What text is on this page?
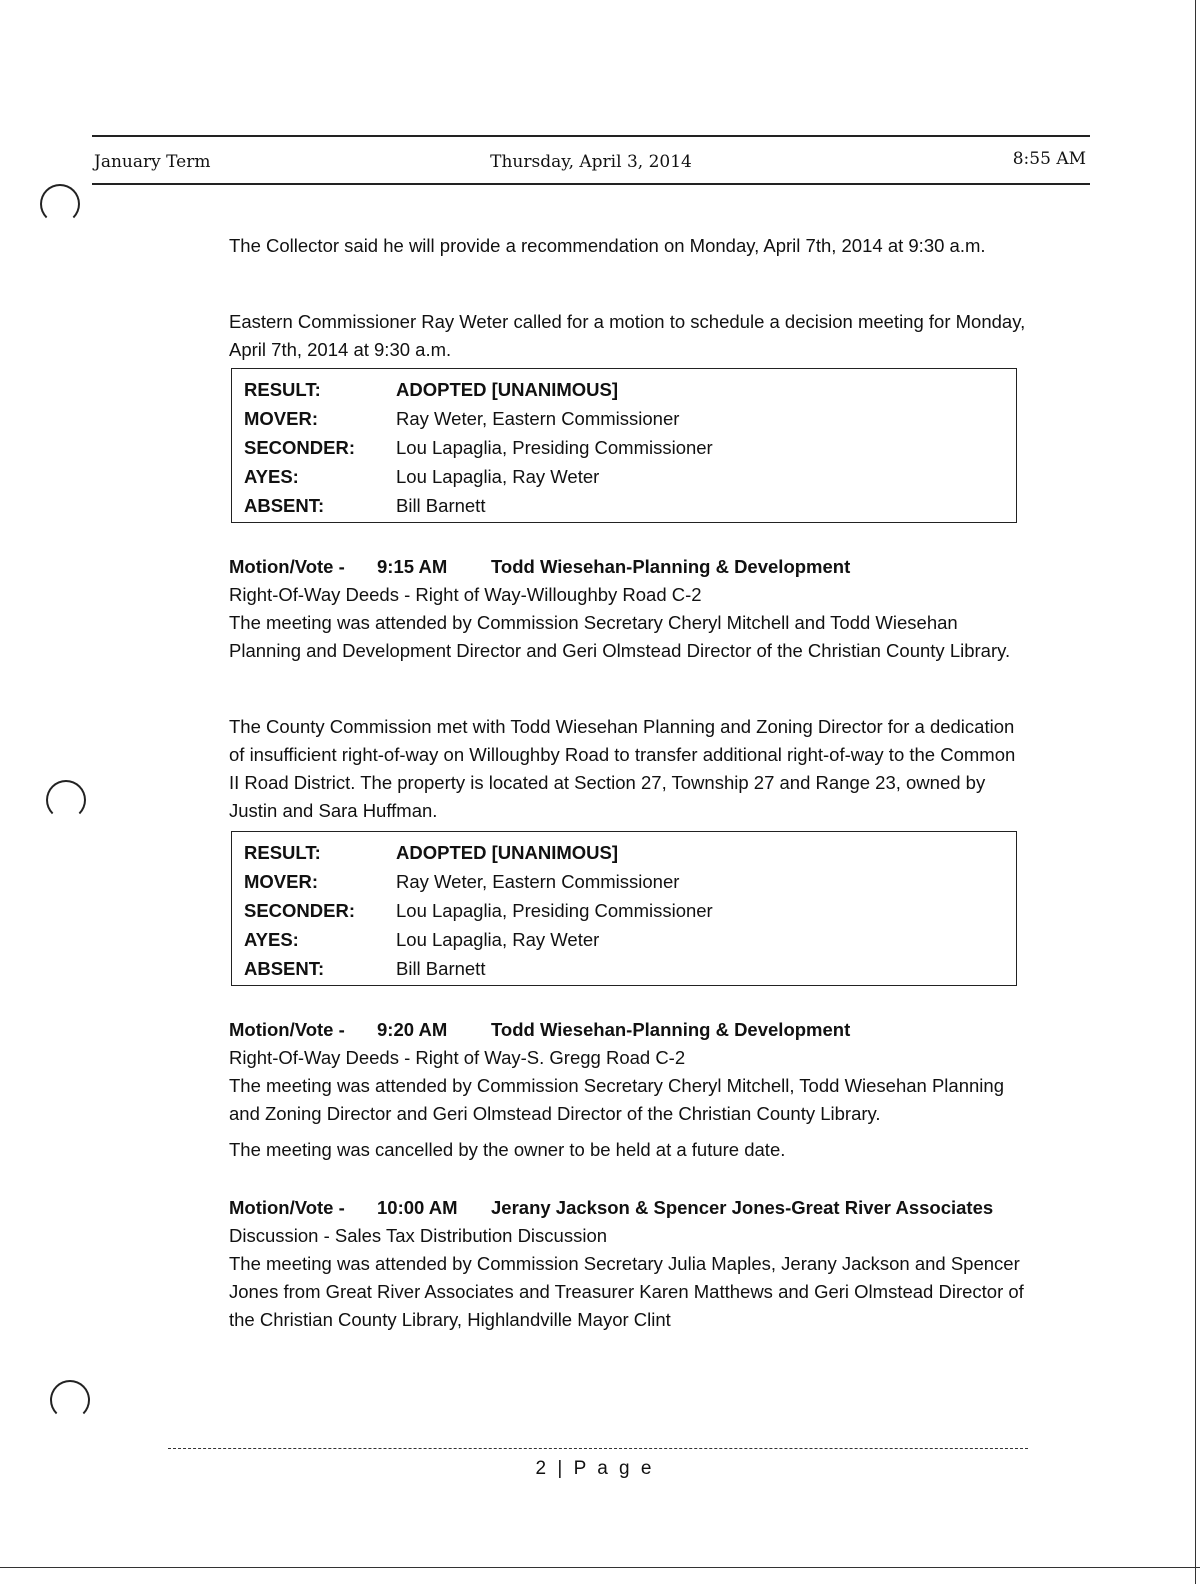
January Term	Thursday, April 3, 2014	8:55 AM

The Collector said he will provide a recommendation on Monday, April 7th, 2014 at 9:30 a.m.

Eastern Commissioner Ray Weter called for a motion to schedule a decision meeting for Monday, April 7th, 2014 at 9:30 a.m.

RESULT:	ADOPTED [UNANIMOUS]
MOVER:	Ray Weter, Eastern Commissioner
SECONDER:	Lou Lapaglia, Presiding Commissioner
AYES:	Lou Lapaglia, Ray Weter
ABSENT:	Bill Barnett
Motion/Vote -	9:15 AM	Todd Wiesehan-Planning & Development

Right-Of-Way Deeds - Right of Way-Willoughby Road C-2

The meeting was attended by Commission Secretary Cheryl Mitchell and Todd Wiesehan Planning and Development Director and Geri Olmstead Director of the Christian County Library.

The County Commission met with Todd Wiesehan Planning and Zoning Director for a dedication of insufficient right-of-way on Willoughby Road to transfer additional right-of-way to the Common II Road District. The property is located at Section 27, Township 27 and Range 23, owned by Justin and Sara Huffman.

RESULT:	ADOPTED [UNANIMOUS]
MOVER:	Ray Weter, Eastern Commissioner
SECONDER:	Lou Lapaglia, Presiding Commissioner
AYES:	Lou Lapaglia, Ray Weter
ABSENT:	Bill Barnett
Motion/Vote -	9:20 AM	Todd Wiesehan-Planning & Development

Right-Of-Way Deeds - Right of Way-S. Gregg Road C-2

The meeting was attended by Commission Secretary Cheryl Mitchell, Todd Wiesehan Planning and Zoning Director and Geri Olmstead Director of the Christian County Library.

The meeting was cancelled by the owner to be held at a future date.

Motion/Vote -	10:00 AM	Jerany Jackson & Spencer Jones-Great River Associates

Discussion - Sales Tax Distribution Discussion

The meeting was attended by Commission Secretary Julia Maples, Jerany Jackson and Spencer Jones from Great River Associates and Treasurer Karen Matthews and Geri Olmstead Director of the Christian County Library, Highlandville Mayor Clint

2 | P a g e
